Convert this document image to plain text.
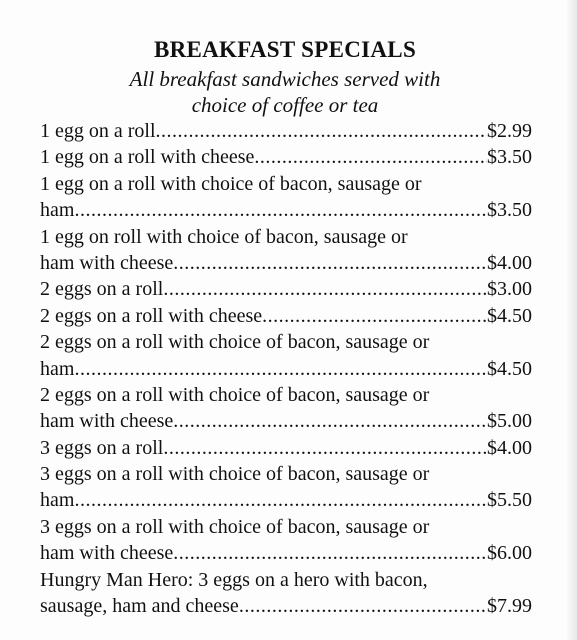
BREAKFAST SPECIALS
All breakfast sandwiches served with
choice of coffee or tea
1 egg on a roll .....	$2.99
1 egg on a roll with cheese .....	$3.50
1 egg on a roll with choice of bacon, sausage or
ham .....	$3.50
1 egg on roll with choice of bacon, sausage or
ham with cheese .....	$4.00
2 eggs on a roll .....	$3.00
2 eggs on a roll with cheese .....	$4.50
2 eggs on a roll with choice of bacon, sausage or
ham .....	$4.50
2 eggs on a roll with choice of bacon, sausage or
ham with cheese .....	$5.00
3 eggs on a roll .....	$4.00
3 eggs on a roll with choice of bacon, sausage or
ham .....	$5.50
3 eggs on a roll with choice of bacon, sausage or
ham with cheese .....	$6.00
Hungry Man Hero: 3 eggs on a hero with bacon,
sausage, ham and cheese .....	$7.99
